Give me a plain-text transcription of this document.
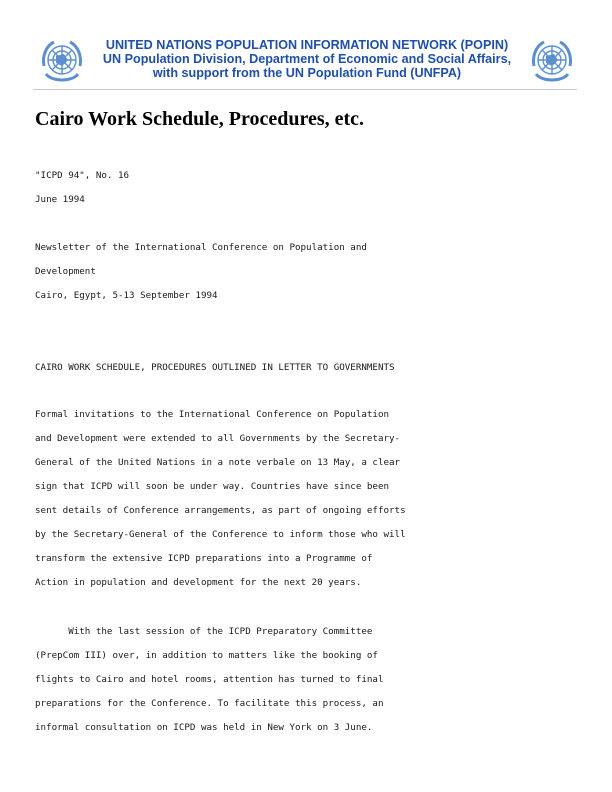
UNITED NATIONS POPULATION INFORMATION NETWORK (POPIN)
UN Population Division, Department of Economic and Social Affairs,
with support from the UN Population Fund (UNFPA)
Cairo Work Schedule, Procedures, etc.

"ICPD 94", No. 16

June 1994

Newsletter of the International Conference on Population and

Development

Cairo, Egypt, 5-13 September 1994

CAIRO WORK SCHEDULE, PROCEDURES OUTLINED IN LETTER TO GOVERNMENTS

Formal invitations to the International Conference on Population

and Development were extended to all Governments by the Secretary-

General of the United Nations in a note verbale on 13 May, a clear

sign that ICPD will soon be under way. Countries have since been

sent details of Conference arrangements, as part of ongoing efforts

by the Secretary-General of the Conference to inform those who will

transform the extensive ICPD preparations into a Programme of

Action in population and development for the next 20 years.

With the last session of the ICPD Preparatory Committee

(PrepCom III) over, in addition to matters like the booking of

flights to Cairo and hotel rooms, attention has turned to final

preparations for the Conference. To facilitate this process, an

informal consultation on ICPD was held in New York on 3 June.
